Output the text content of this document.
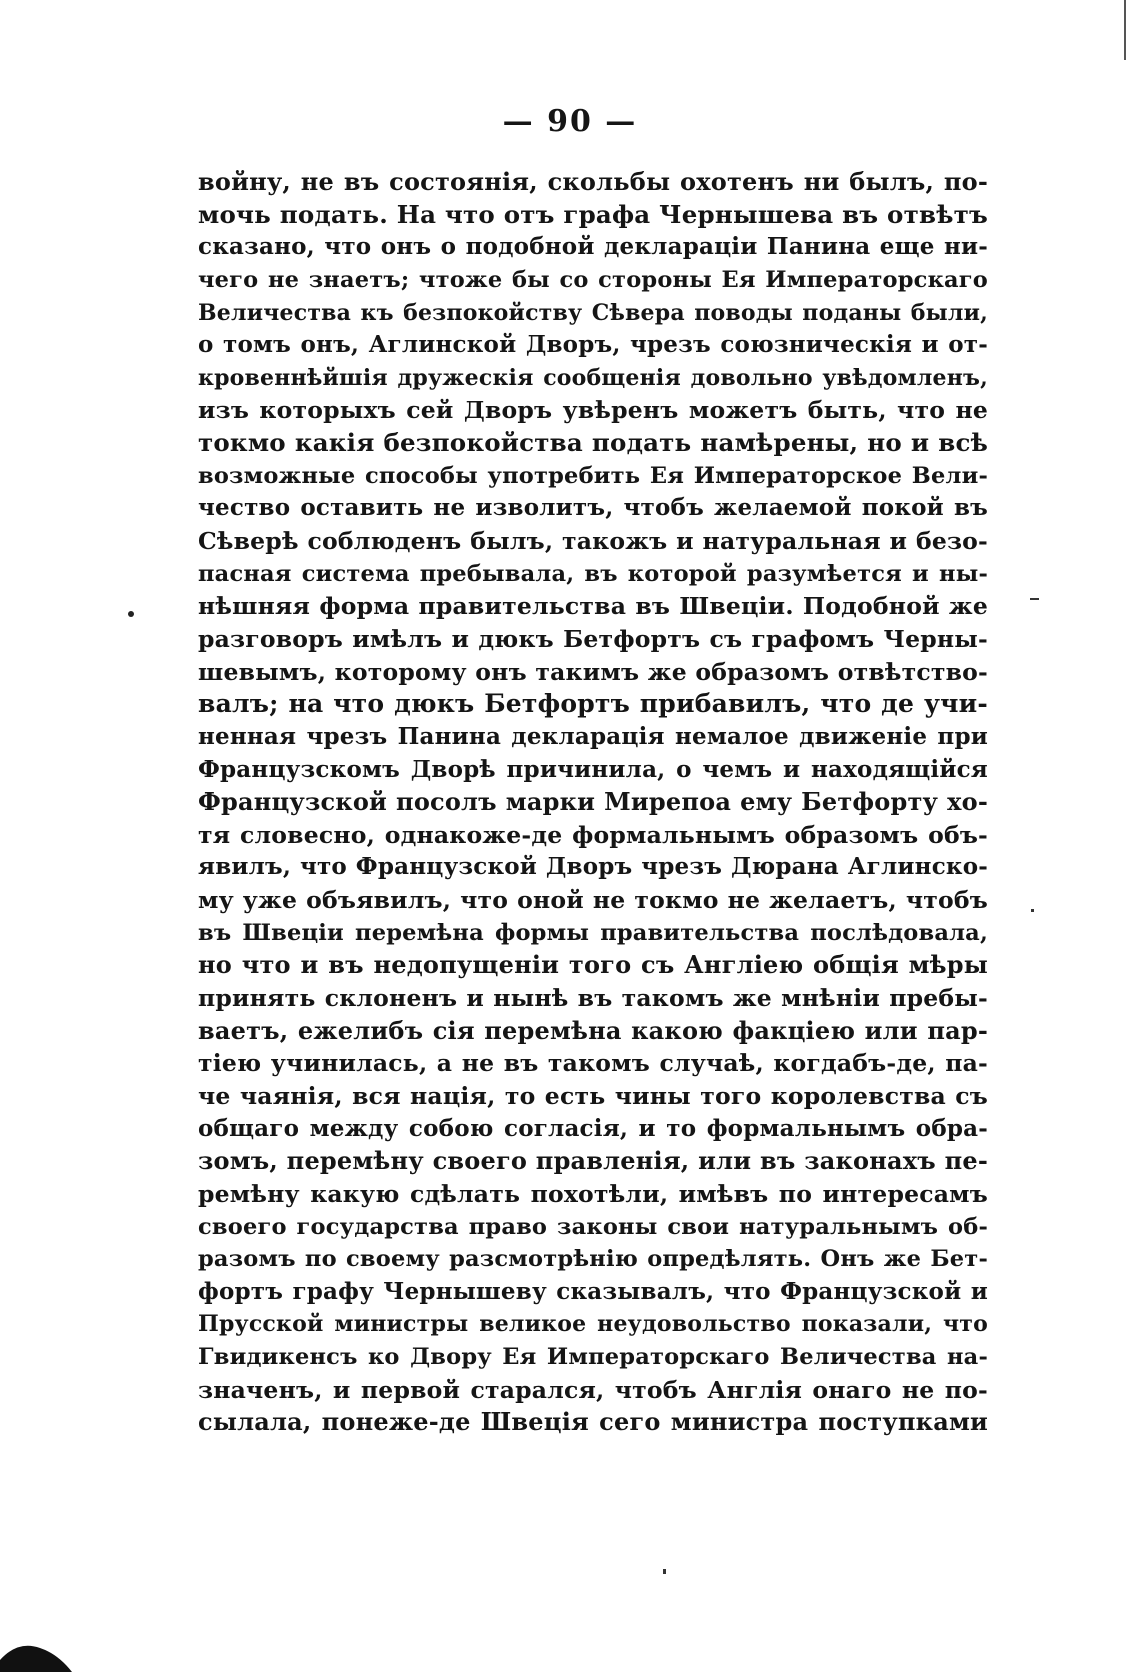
— 90 —
войну, не въ состоянія, скольбы охотенъ ни былъ, по-
мочь подать. На что отъ графа Чернышева въ отвѣтъ
сказано, что онъ о подобной декларацiи Панина еще ни-
чего не знаетъ; чтоже бы со стороны Ея Императорскаго
Величества къ безпокойству Сѣвера поводы поданы были,
о томъ онъ, Аглинской Дворъ, чрезъ союзническiя и от-
кровеннѣйшiя дружескiя сообщенiя довольно увѣдомленъ,
изъ которыхъ сей Дворъ увѣренъ можетъ быть, что не
токмо какiя безпокойства подать намѣрены, но и всѣ
возможные способы употребить Ея Императорское Вели-
чество оставить не изволитъ, чтобъ желаемой покой въ
Сѣверѣ соблюденъ былъ, такожъ и натуральная и безо-
пасная система пребывала, въ которой разумѣется и ны-
нѣшняя форма правительства въ Швецiи. Подобной же
разговоръ имѣлъ и дюкъ Бетфортъ съ графомъ Черны-
шевымъ, которому онъ такимъ же образомъ отвѣтство-
валъ; на что дюкъ Бетфортъ прибавилъ, что де учи-
ненная чрезъ Панина декларацiя немалое движенiе при
Французскомъ Дворѣ причинила, о чемъ и находящiйся
Французской посолъ марки Мирепоа ему Бетфорту хо-
тя словесно, однакоже-де формальнымъ образомъ объ-
явилъ, что Французской Дворъ чрезъ Дюрана Аглинско-
му уже объявилъ, что оной не токмо не желаетъ, чтобъ
въ Швецiи перемѣна формы правительства послѣдовала,
но что и въ недопущенiи того съ Англiею общiя мѣры
принять склоненъ и нынѣ въ такомъ же мнѣнiи пребы-
ваетъ, ежелибъ сiя перемѣна какою факцiею или пар-
тiею учинилась, а не въ такомъ случаѣ, когдабъ-де, па-
че чаянiя, вся нацiя, то есть чины того королевства съ
общаго между собою согласiя, и то формальнымъ обра-
зомъ, перемѣну своего правленiя, или въ законахъ пе-
ремѣну какую сдѣлать похотѣли, имѣвъ по интересамъ
своего государства право законы свои натуральнымъ об-
разомъ по своему разсмотрѣнiю опредѣлять. Онъ же Бет-
фортъ графу Чернышеву сказывалъ, что Французской и
Прусской министры великое неудовольство показали, что
Гвидикенсъ ко Двору Ея Императорскаго Величества на-
значенъ, и первой старался, чтобъ Англiя онаго не по-
сылала, понеже-де Швецiя сего министра поступками
